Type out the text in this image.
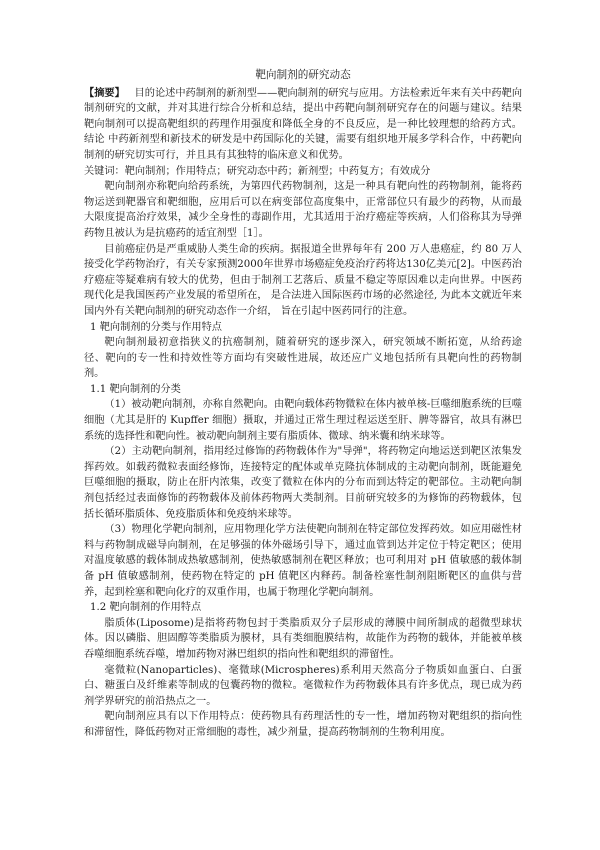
靶向制剂的研究动态

【摘要】 目的论述中药制剂的新剂型——靶向制剂的研究与应用。方法检索近年来有关中药靶向制剂研究的文献，并对其进行综合分析和总结，提出中药靶向制剂研究存在的问题与建议。结果靶向制剂可以提高靶组织的药理作用强度和降低全身的不良反应，是一种比较理想的给药方式。 结论 中药新剂型和新技术的研发是中药国际化的关键，需要有组织地开展多学科合作，中药靶向制剂的研究切实可行，并且具有其独特的临床意义和优势。

关键词：靶向制剂；作用特点；研究动态中药；新剂型；中药复方；有效成分

靶向制剂亦称靶向给药系统，为第四代药物制剂，这是一种具有靶向性的药物制剂，能将药物运送到靶器官和靶细胞，应用后可以在病变部位高度集中，正常部位只有最少的药物，从而最大限度提高治疗效果，减少全身性的毒副作用，尤其适用于治疗癌症等疾病，人们俗称其为导弹药物且被认为是抗癌药的适宜剂型［1］。

目前癌症仍是严重威胁人类生命的疾病。据报道全世界每年有 200 万人患癌症，约 80 万人接受化学药物治疗，有关专家预测2000年世界市场癌症免疫治疗药将达130亿美元[2]。中医药治疗癌症等疑难病有较大的优势，但由于制剂工艺落后、质量不稳定等原因难以走向世界。中医药现代化是我国医药产业发展的希望所在， 是合法进入国际医药市场的必然途径, 为此本文就近年来国内外有关靶向制剂的研究动态作一介绍， 旨在引起中医药同行的注意。

1 靶向制剂的分类与作用特点

靶向制剂最初意指狭义的抗癌制剂，随着研究的逐步深入，研究领域不断拓宽，从给药途径、靶向的专一性和持效性等方面均有突破性进展，故还应广义地包括所有具靶向性的药物制剂。

1.1 靶向制剂的分类

（1）被动靶向制剂，亦称自然靶向。由靶向载体药物微粒在体内被单核-巨噬细胞系统的巨噬细胞（尤其是肝的 Kupffer 细胞）摄取，并通过正常生理过程运送至肝、脾等器官，故具有淋巴系统的选择性和靶向性。被动靶向制剂主要有脂质体、微球、纳米囊和纳米球等。

（2）主动靶向制剂，指用经过修饰的药物载体作为"导弹"，将药物定向地运送到靶区浓集发挥药效。如载药微粒表面经修饰，连接特定的配体或单克隆抗体制成的主动靶向制剂，既能避免巨噬细胞的摄取，防止在肝内浓集，改变了微粒在体内的分布而到达特定的靶部位。主动靶向制剂包括经过表面修饰的药物载体及前体药物两大类制剂。目前研究较多的为修饰的药物载体，包括长循环脂质体、免疫脂质体和免疫纳米球等。

（3）物理化学靶向制剂，应用物理化学方法使靶向制剂在特定部位发挥药效。如应用磁性材料与药物制成磁导向制剂，在足够强的体外磁场引导下，通过血管到达并定位于特定靶区；使用对温度敏感的载体制成热敏感制剂，使热敏感制剂在靶区释放；也可利用对 pH 值敏感的载体制备 pH 值敏感制剂，使药物在特定的 pH 值靶区内释药。制备栓塞性制剂阻断靶区的血供与营养，起到栓塞和靶向化疗的双重作用，也属于物理化学靶向制剂。

1.2 靶向制剂的作用特点

脂质体(Liposome)是指将药物包封于类脂质双分子层形成的薄膜中间所制成的超微型球状体。因以磷脂、胆固醇等类脂质为膜材，具有类细胞膜结构，故能作为药物的载体，并能被单核吞噬细胞系统吞噬，增加药物对淋巴组织的指向性和靶组织的滞留性。

毫微粒(Nanoparticles)、毫微球(Microspheres)系利用天然高分子物质如血蛋白、白蛋白、糖蛋白及纤维素等制成的包囊药物的微粒。毫微粒作为药物载体具有许多优点，现已成为药剂学界研究的前沿热点之一。

靶向制剂应具有以下作用特点：使药物具有药理活性的专一性，增加药物对靶组织的指向性和滞留性，降低药物对正常细胞的毒性，减少剂量，提高药物制剂的生物利用度。
